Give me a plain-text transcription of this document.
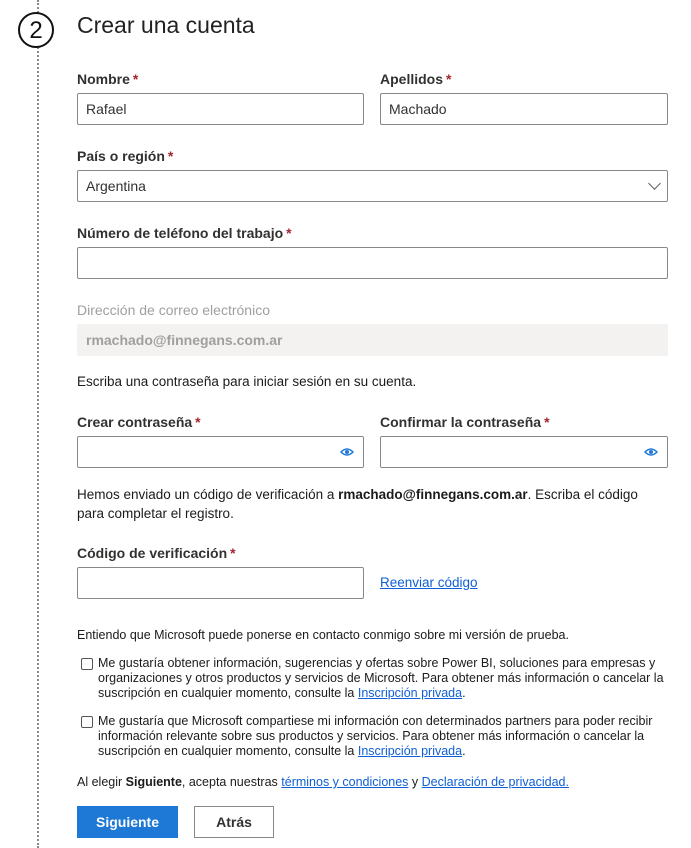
2	Crear una cuenta
Nombre *
Rafael
Apellidos *
Machado
País o región *
Argentina
Número de teléfono del trabajo *
Dirección de correo electrónico
rmachado@finnegans.com.ar
Escriba una contraseña para iniciar sesión en su cuenta.
Crear contraseña *	Confirmar la contraseña *
Hemos enviado un código de verificación a rmachado@finnegans.com.ar. Escriba el código para completar el registro.
Código de verificación *
Reenviar código
Entiendo que Microsoft puede ponerse en contacto conmigo sobre mi versión de prueba.
Me gustaría obtener información, sugerencias y ofertas sobre Power BI, soluciones para empresas y organizaciones y otros productos y servicios de Microsoft. Para obtener más información o cancelar la suscripción en cualquier momento, consulte la Inscripción privada.
Me gustaría que Microsoft compartiese mi información con determinados partners para poder recibir información relevante sobre sus productos y servicios. Para obtener más información o cancelar la suscripción en cualquier momento, consulte la Inscripción privada.
Al elegir Siguiente, acepta nuestras términos y condiciones y Declaración de privacidad.
Siguiente	Atrás
